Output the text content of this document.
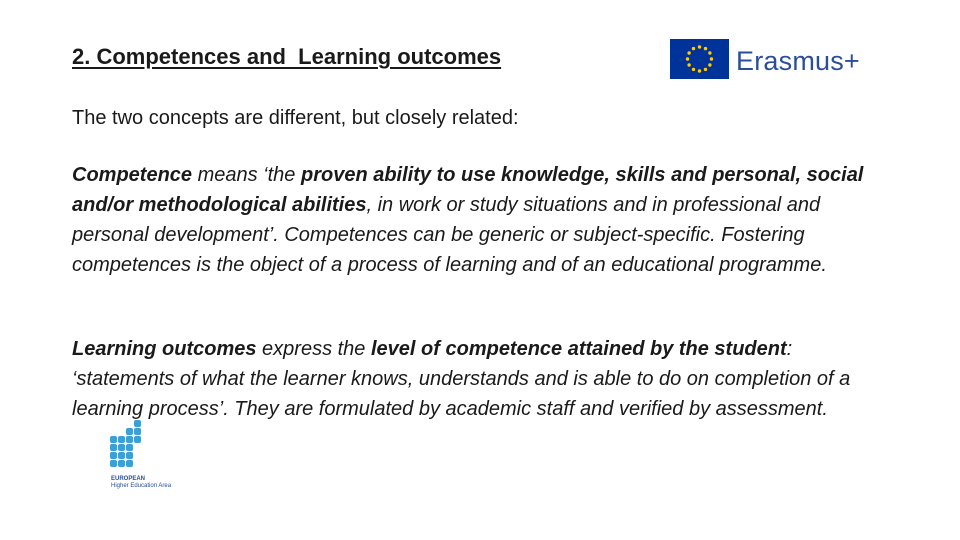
2. Competences and  Learning outcomes	Erasmus+

The two concepts are different, but closely related:

Competence means ‘the proven ability to use knowledge, skills and personal, social and/or methodological abilities, in work or study situations and in professional and personal development’. Competences can be generic or subject-specific. Fostering competences is the object of a process of learning and of an educational programme.

Learning outcomes express the level of competence attained by the student: ‘statements of what the learner knows, understands and is able to do on completion of a learning process’. They are formulated by academic staff and verified by assessment.

EUROPEAN
Higher Education Area
